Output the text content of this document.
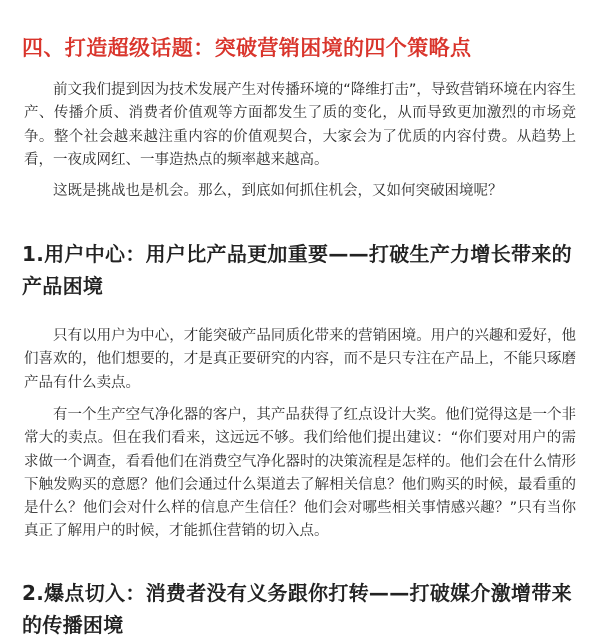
四、打造超级话题：突破营销困境的四个策略点

前文我们提到因为技术发展产生对传播环境的“降维打击”，导致营销环境在内容生产、传播介质、消费者价值观等方面都发生了质的变化，从而导致更加激烈的市场竞争。整个社会越来越注重内容的价值观契合，大家会为了优质的内容付费。从趋势上看，一夜成网红、一事造热点的频率越来越高。

这既是挑战也是机会。那么，到底如何抓住机会，又如何突破困境呢？

1.用户中心：用户比产品更加重要——打破生产力增长带来的产品困境

只有以用户为中心，才能突破产品同质化带来的营销困境。用户的兴趣和爱好，他们喜欢的，他们想要的，才是真正要研究的内容，而不是只专注在产品上，不能只琢磨产品有什么卖点。

有一个生产空气净化器的客户，其产品获得了红点设计大奖。他们觉得这是一个非常大的卖点。但在我们看来，这远远不够。我们给他们提出建议：“你们要对用户的需求做一个调查，看看他们在消费空气净化器时的决策流程是怎样的。他们会在什么情形下触发购买的意愿？他们会通过什么渠道去了解相关信息？他们购买的时候，最看重的是什么？他们会对什么样的信息产生信任？他们会对哪些相关事情感兴趣？”只有当你真正了解用户的时候，才能抓住营销的切入点。

2.爆点切入：消费者没有义务跟你打转——打破媒介激增带来的传播困境
